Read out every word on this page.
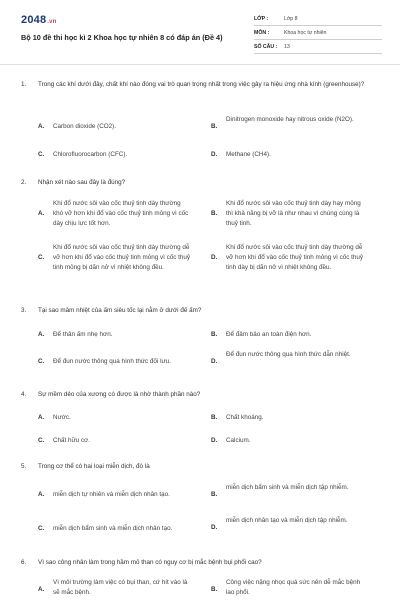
2048.vn
Bộ 10 đề thi học kì 2 Khoa học tự nhiên 8 có đáp án (Đề 4)
LỚP :	Lớp 8
MÔN :	Khoa học tự nhiên
SỐ CÂU :	13
1.	Trong các khí dưới đây, chất khí nào đóng vai trò quan trọng nhất trong việc gây ra hiệu ứng nhà kính (greenhouse)?
A.	Carbon dioxide (CO2).	B.
Dinitrogen monoxide hay nitrous oxide (N2O).
C.	Chlorofluorocarbon (CFC).	D.	Methane (CH4).
2.	Nhận xét nào sau đây là đúng?
A.
Khi đổ nước sôi vào cốc thuỷ tinh dày thường khó vỡ hơn khi đổ vào cốc thuỷ tinh mỏng vì cốc dày chịu lực tốt hơn.
B.
Khi đổ nước sôi vào cốc thuỷ tinh dày hay mỏng thì khả năng bị vỡ là như nhau vì chúng cùng là thuỷ tinh.
C.
Khi đổ nước sôi vào cốc thuỷ tinh dày thường dễ vỡ hơn khi đổ vào cốc thuỷ tinh mỏng vì cốc thuỷ tinh mỏng bị dãn nở vì nhiệt không đều.
D.
Khi đổ nước sôi vào cốc thuỷ tinh dày thường dễ vỡ hơn khi đổ vào cốc thuỷ tinh mỏng vì cốc thuỷ tinh dày bị dãn nở vì nhiệt không đều.
3.	Tại sao mâm nhiệt của ấm siêu tốc lại nằm ở dưới đế ấm?
A.	Để thân ấm nhẹ hơn.	B.	Để đảm bảo an toàn điện hơn.
C.	Để đun nước thông qua hình thức đối lưu.	D.
Để đun nước thông qua hình thức dẫn nhiệt.
4.	Sự mềm dẻo của xương có được là nhờ thành phần nào?
A.	Nước.	B.	Chất khoáng.
C.	Chất hữu cơ.	D.	Calcium.
5.	Trong cơ thể có hai loại miễn dịch, đó là
A.	miễn dịch tự nhiên và miễn dịch nhân tạo.	B.
miễn dịch bẩm sinh và miễn dịch tập nhiễm.
C.	miễn dịch bẩm sinh và miễn dịch nhân tạo.	D.
miễn dịch nhân tạo và miễn dịch tập nhiễm.
6.	Vì sao công nhân làm trong hầm mỏ than có nguy cơ bị mắc bệnh bụi phổi cao?
A.
Vì môi trường làm việc có bụi than, cứ hít vào là sẽ mắc bệnh.	B.
Công việc nặng nhọc quá sức nên dễ mắc bệnh lao phổi.
